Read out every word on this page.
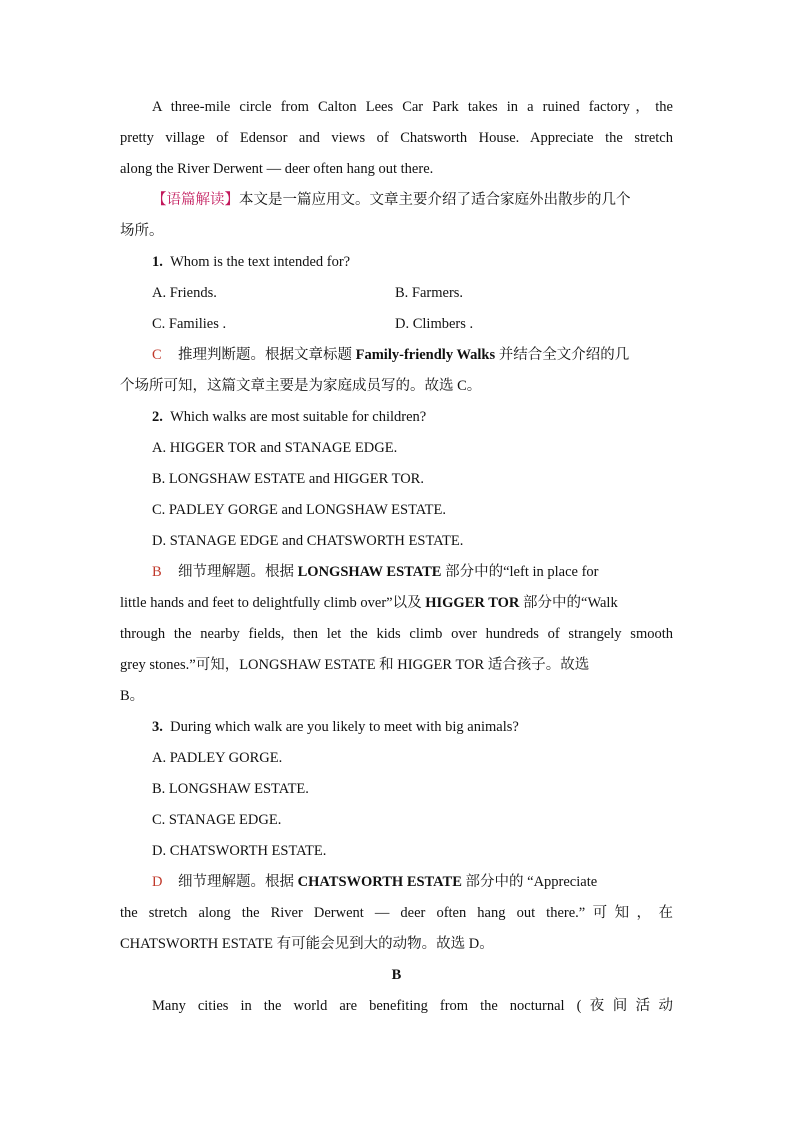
A three-mile circle from Calton Lees Car Park takes in a ruined factory，the
pretty village of Edensor and views of Chatsworth House. Appreciate the stretch
along the River Derwent — deer often hang out there.
【语篇解读】本文是一篇应用文。文章主要介绍了适合家庭外出散步的几个
场所。
1. Whom is the text intended for?
A. Friends.	B. Farmers.
C. Families .	D. Climbers .
C 推理判断题。根据文章标题 Family-friendly Walks 并结合全文介绍的几
个场所可知，这篇文章主要是为家庭成员写的。故选 C。
2. Which walks are most suitable for children?
A. HIGGER TOR and STANAGE EDGE.
B. LONGSHAW ESTATE and HIGGER TOR.
C. PADLEY GORGE and LONGSHAW ESTATE.
D. STANAGE EDGE and CHATSWORTH ESTATE.
B 细节理解题。根据 LONGSHAW ESTATE 部分中的“left in place for
little hands and feet to delightfully climb over”以及 HIGGER TOR 部分中的“Walk
through the nearby fields, then let the kids climb over hundreds of strangely smooth
grey stones.”可知，LONGSHAW ESTATE 和 HIGGER TOR 适合孩子。故选
B。
3. During which walk are you likely to meet with big animals?
A. PADLEY GORGE.
B. LONGSHAW ESTATE.
C. STANAGE EDGE.
D. CHATSWORTH ESTATE.
D 细节理解题。根据 CHATSWORTH ESTATE 部分中的 “Appreciate
the stretch along the River Derwent — deer often hang out there.”可知，在
CHATSWORTH ESTATE 有可能会见到大的动物。故选 D。
B
Many cities in the world are benefiting from the nocturnal (夜间活动
